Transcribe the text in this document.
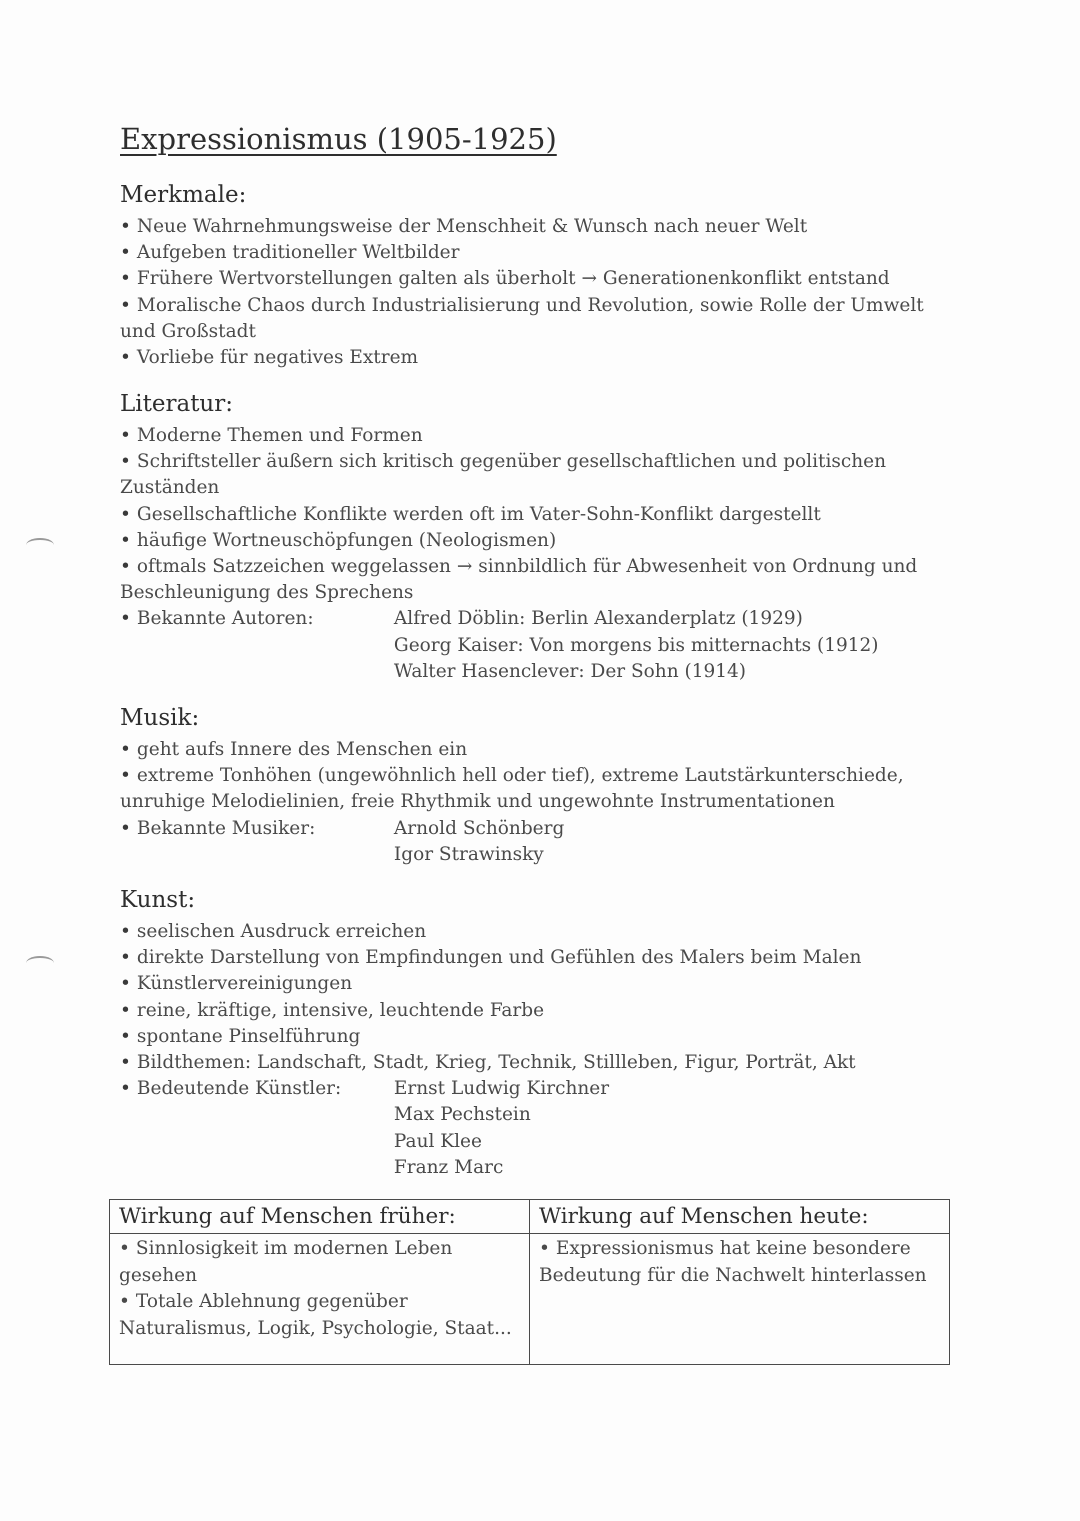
Expressionismus (1905-1925)
Merkmale:
• Neue Wahrnehmungsweise der Menschheit & Wunsch nach neuer Welt
• Aufgeben traditioneller Weltbilder
• Frühere Wertvorstellungen galten als überholt → Generationenkonflikt entstand
• Moralische Chaos durch Industrialisierung und Revolution, sowie Rolle der Umwelt und Großstadt
• Vorliebe für negatives Extrem
Literatur:
• Moderne Themen und Formen
• Schriftsteller äußern sich kritisch gegenüber gesellschaftlichen und politischen Zuständen
• Gesellschaftliche Konflikte werden oft im Vater-Sohn-Konflikt dargestellt
• häufige Wortneuschöpfungen (Neologismen)
• oftmals Satzzeichen weggelassen → sinnbildlich für Abwesenheit von Ordnung und Beschleunigung des Sprechens
• Bekannte Autoren:	Alfred Döblin: Berlin Alexanderplatz (1929)
Georg Kaiser: Von morgens bis mitternachts (1912)
Walter Hasenclever: Der Sohn (1914)
Musik:
• geht aufs Innere des Menschen ein
• extreme Tonhöhen (ungewöhnlich hell oder tief), extreme Lautstärkunterschiede, unruhige Melodielinien, freie Rhythmik und ungewohnte Instrumentationen
• Bekannte Musiker:	Arnold Schönberg
Igor Strawinsky
Kunst:
• seelischen Ausdruck erreichen
• direkte Darstellung von Empfindungen und Gefühlen des Malers beim Malen
• Künstlervereinigungen
• reine, kräftige, intensive, leuchtende Farbe
• spontane Pinselführung
• Bildthemen: Landschaft, Stadt, Krieg, Technik, Stillleben, Figur, Porträt, Akt
• Bedeutende Künstler:	Ernst Ludwig Kirchner
Max Pechstein
Paul Klee
Franz Marc
Wirkung auf Menschen früher:	Wirkung auf Menschen heute:

• Sinnlosigkeit im modernen Leben gesehen
• Totale Ablehnung gegenüber Naturalismus, Logik, Psychologie, Staat...	• Expressionismus hat keine besondere Bedeutung für die Nachwelt hinterlassen
